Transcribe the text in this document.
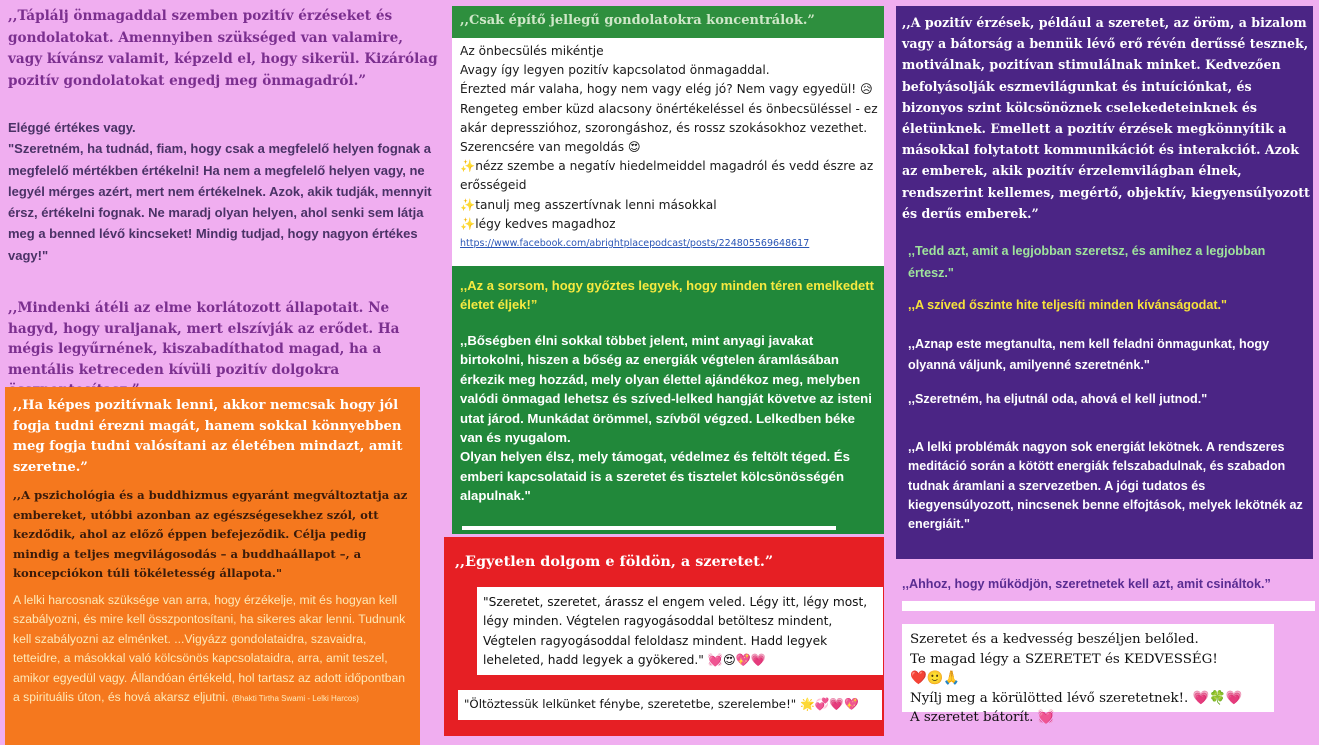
,,Táplálj önmagaddal szemben pozitív érzéseket és gondolatokat. Amennyiben szükséged van valamire, vagy kívánsz valamit, képzeld el, hogy sikerül. Kizárólag pozitív gondolatokat engedj meg önmagadról.”

Eléggé értékes vagy.

"Szeretném, ha tudnád, fiam, hogy csak a megfelelő helyen fognak a megfelelő mértékben értékelni! Ha nem a megfelelő helyen vagy, ne legyél mérges azért, mert nem értékelnek. Azok, akik tudják, mennyit érsz, értékelni fognak. Ne maradj olyan helyen, ahol senki sem látja meg a benned lévő kincseket! Mindig tudjad, hogy nagyon értékes vagy!"

,,Mindenki átéli az elme korlátozott állapotait. Ne hagyd, hogy uraljanak, mert elszívják az erődet. Ha mégis legyűrnének, kiszabadíthatod magad, ha a mentális ketreceden kívüli pozitív dolgokra
,,Ha képes pozitívnak lenni, akkor nemcsak hogy jól fogja tudni érezni magát, hanem sokkal könnyebben meg fogja tudni valósítani az életében mindazt, amit szeretne.”
,,A pszichológia és a buddhizmus egyaránt megváltoztatja az embereket, utóbbi azonban az egészségesekhez szól, ott kezdődik, ahol az előző éppen befejeződik. Célja pedig mindig a teljes megvilágosodás – a buddhaállapot –, a koncepciókon túli tökéletesség állapota."
A lelki harcosnak szüksége van arra, hogy érzékelje, mit és hogyan kell szabályozni, és mire kell összpontosítani, ha sikeres akar lenni. Tudnunk kell szabályozni az elménket. ...Vigyázz gondolataidra, szavaidra, tetteidre, a másokkal való kölcsönös kapcsolataidra, arra, amit teszel, amikor egyedül vagy. Állandóan értékeld, hol tartasz az adott időpontban a spirituális úton, és hová akarsz eljutni. (Bhakti Tirtha Swami - Lelki Harcos)
,,Csak építő jellegű gondolatokra koncentrálok.”
Az önbecsülés mikéntje
Avagy így legyen pozitív kapcsolatod önmagaddal.
Érezted már valaha, hogy nem vagy elég jó? Nem vagy egyedül! 😥
Rengeteg ember küzd alacsony önértékeléssel és önbecsüléssel - ez akár depresszióhoz, szorongáshoz, és rossz szokásokhoz vezethet.
Szerencsére van megoldás 😍
✨nézz szembe a negatív hiedelmeiddel magadról és vedd észre az erősségeid
✨tanulj meg asszertívnak lenni másokkal
✨légy kedves magadhoz
https://www.facebook.com/abrightplacepodcast/posts/224805569648617
,,Az a sorsom, hogy győztes legyek, hogy minden téren emelkedett életet éljek!”

,,Bőségben élni sokkal többet jelent, mint anyagi javakat birtokolni, hiszen a bőség az energiák végtelen áramlásában érkezik meg hozzád, mely olyan élettel ajándékoz meg, melyben valódi önmagad lehetsz és szíved-lelked hangját követve az isteni utat járod. Munkádat örömmel, szívből végzed. Lelkedben béke van és nyugalom.

Olyan helyen élsz, mely támogat, védelmez és feltölt téged. És emberi kapcsolataid is a szeretet és tisztelet kölcsönösségén alapulnak."

,,Egyetlen dolgom e földön, a szeretet.”
"Szeretet, szeretet, árassz el engem veled. Légy itt, légy most, légy minden. Végtelen ragyogásoddal betöltesz mindent, Végtelen ragyogásoddal feloldasz mindent. Hadd legyek leheleted, hadd legyek a gyökered." 💓😍💖💗
"Öltöztessük lelkünket fénybe, szeretetbe, szerelembe!" 🌟💞💗💖
,,A pozitív érzések, például a szeretet, az öröm, a bizalom vagy a bátorság a bennük lévő erő révén derűssé tesznek, motiválnak, pozitívan stimulálnak minket. Kedvezően befolyásolják eszmevilágunkat és intuíciónkat, és bizonyos szint kölcsönöznek cselekedeteinknek és életünknek. Emellett a pozitív érzések megkönnyítik a másokkal folytatott kommunikációt és interakciót. Azok az emberek, akik pozitív érzelemvilágban élnek, rendszerint kellemes, megértő, objektív, kiegyensúlyozott és derűs emberek.”
,,Tedd azt, amit a legjobban szeretsz, és amihez a legjobban értesz."
,,A szíved őszinte hite teljesíti minden kívánságodat."
,,Aznap este megtanulta, nem kell feladni önmagunkat, hogy olyanná váljunk, amilyenné szeretnénk."
,,Szeretném, ha eljutnál oda, ahová el kell jutnod."
,,A lelki problémák nagyon sok energiát lekötnek. A rendszeres meditáció során a kötött energiák felszabadulnak, és szabadon tudnak áramlani a szervezetben. A jógi tudatos és kiegyensúlyozott, nincsenek benne elfojtások, melyek lekötnék az energiáit."
,,Ahhoz, hogy működjön, szeretnetek kell azt, amit csináltok.”
Szeretet és a kedvesség beszéljen belőled.
Te magad légy a SZERETET és KEDVESSÉG! ❤️🙂🙏
Nyílj meg a körülötted lévő szeretetnek!. 💗🍀💗
A szeretet bátorít. 💓
